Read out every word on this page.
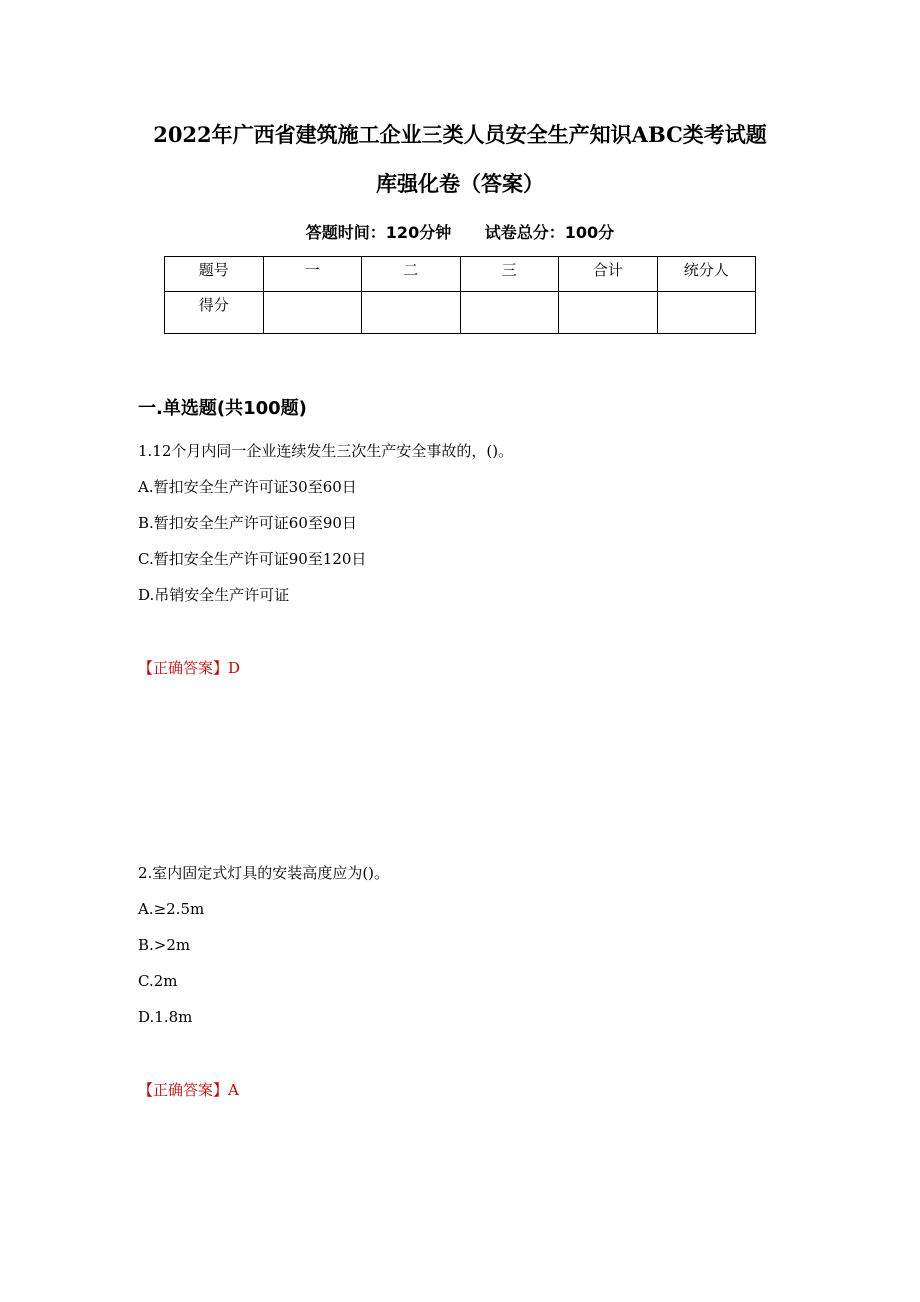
2022年广西省建筑施工企业三类人员安全生产知识ABC类考试题
库强化卷（答案）
答题时间：120分钟 试卷总分：100分
题号	一	二	三	合计	统分人
得分					
一.单选题(共100题)
1.12个月内同一企业连续发生三次生产安全事故的，()。
A.暂扣安全生产许可证30至60日
B.暂扣安全生产许可证60至90日
C.暂扣安全生产许可证90至120日
D.吊销安全生产许可证
【正确答案】D
2.室内固定式灯具的安装高度应为()。
A.≥2.5m
B.>2m
C.2m
D.1.8m
【正确答案】A
